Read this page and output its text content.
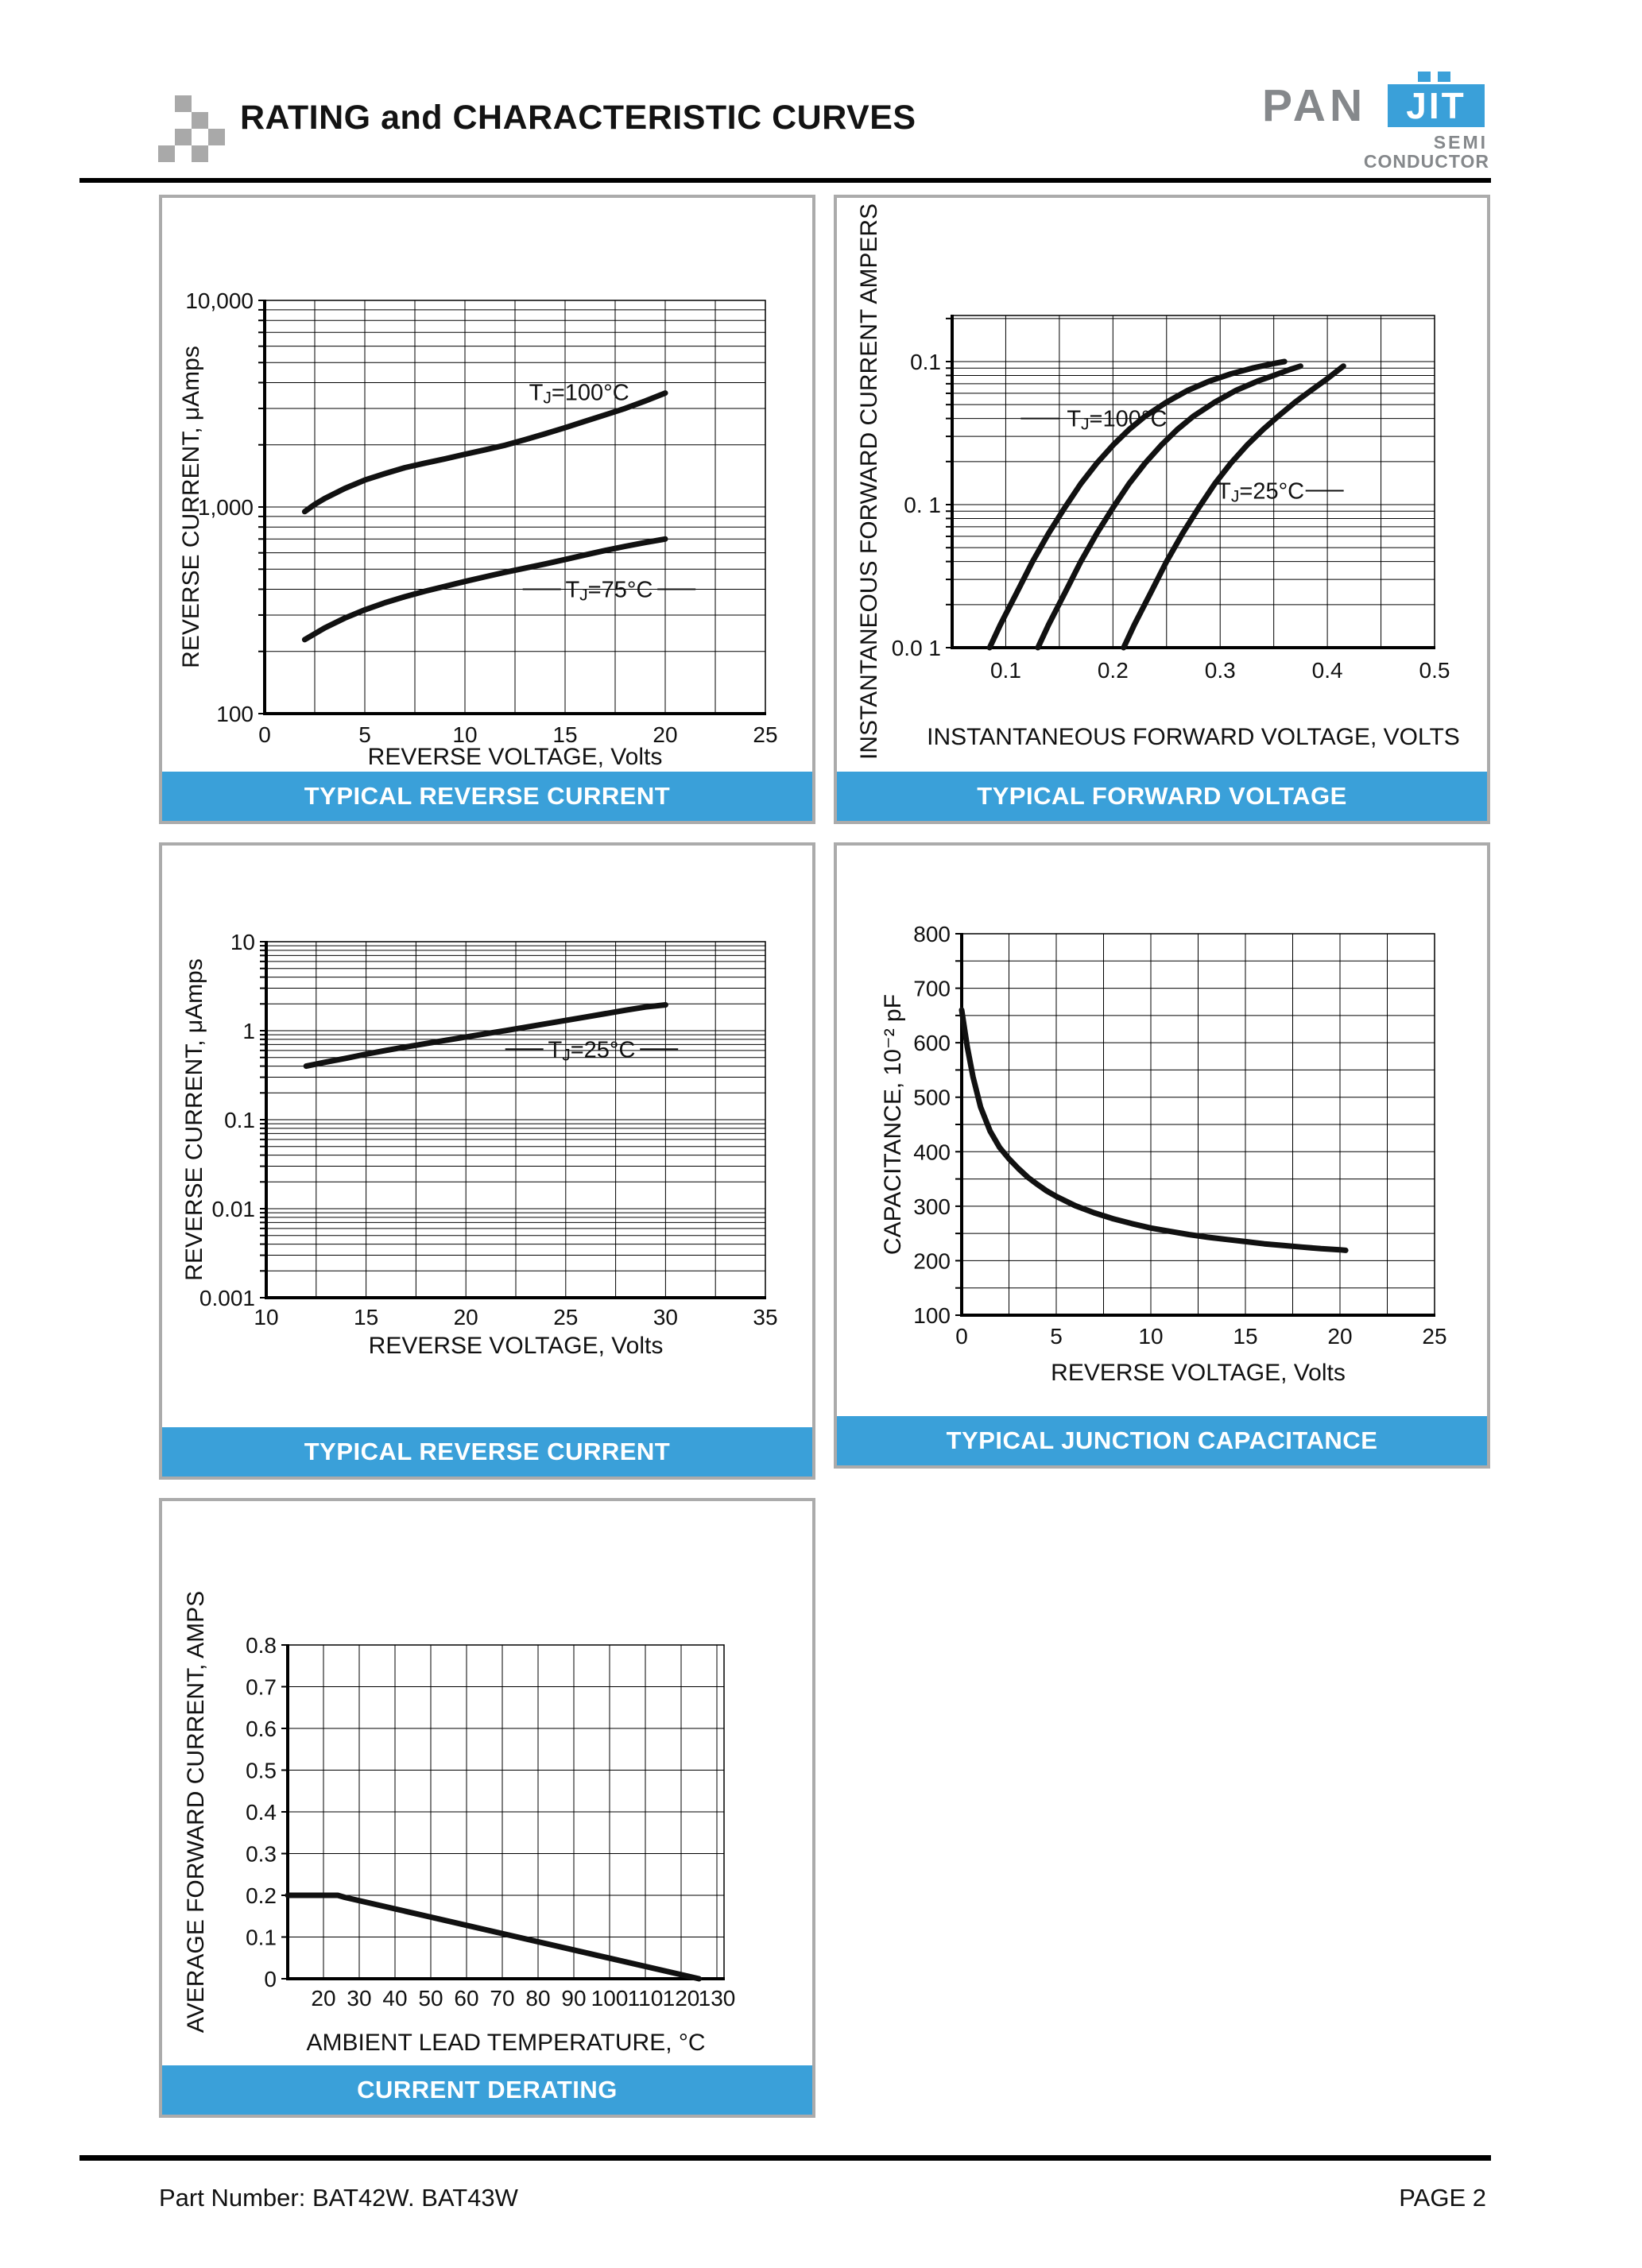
RATING and CHARACTERISTIC CURVES	PAN	JIT
SEMI
CONDUCTOR
10,000
1,000
100
0	5	10	15	20	25
REVERSE VOLTAGE, Volts
REVERSE CURRENT, μAmps	TJ=100°C
TJ=75°C
TYPICAL REVERSE CURRENT
0.1
0. 1
0.0 1
0.1	0.2	0.3	0.4	0.5
INSTANTANEOUS FORWARD VOLTAGE, VOLTS
INSTANTANEOUS FORWARD CURRENT AMPERS	TJ=100°C
TJ=25°C
TYPICAL FORWARD VOLTAGE
10
1
0.1
0.01
0.001
10	15	20	25	30	35
REVERSE VOLTAGE, Volts
REVERSE CURRENT, μAmps	TJ=25°C
TYPICAL REVERSE CURRENT
800
700
600
500
400
300
200
100
0	5	10	15	20	25
REVERSE VOLTAGE, Volts
CAPACITANCE, 10⁻² pF
TYPICAL JUNCTION CAPACITANCE
0.8
0.7
0.6
0.5
0.4
0.3
0.2
0.1
0
20 30 40 50 60 70 80 90 100 110 120
130
AMBIENT LEAD TEMPERATURE, °C
AVERAGE FORWARD CURRENT, AMPS
CURRENT DERATING
Part Number: BAT42W. BAT43W	PAGE 2
